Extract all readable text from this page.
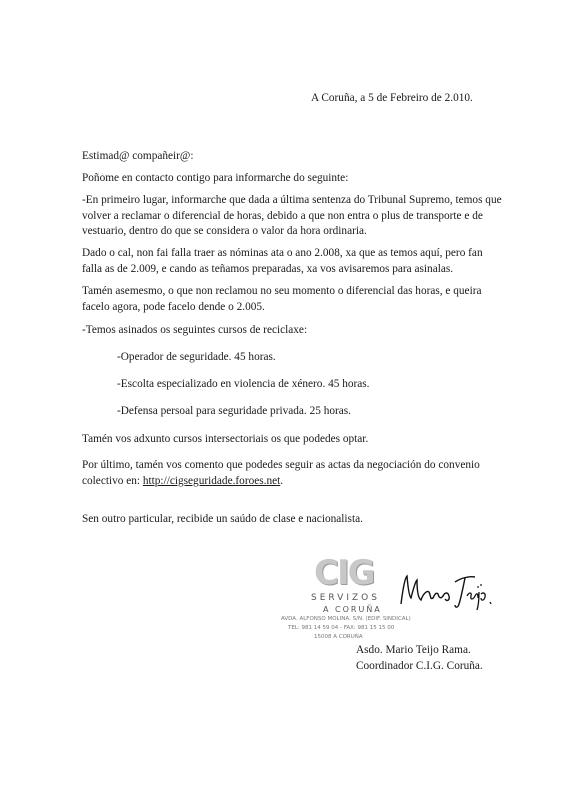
A Coruña, a 5 de Febreiro de 2.010.
Estimad@ compañeir@:
Poñome en contacto contigo para informarche do seguinte:
-En primeiro lugar, informarche que dada a última sentenza do Tribunal Supremo, temos que volver a reclamar o diferencial de horas, debido a que non entra o plus de transporte e de vestuario, dentro do que se considera o valor da hora ordinaria.
Dado o cal, non fai falla traer as nóminas ata o ano 2.008, xa que as temos aquí, pero fan falla as de 2.009, e cando as teñamos preparadas, xa vos avisaremos para asinalas.
Tamén asemesmo, o que non reclamou no seu momento o diferencial das horas, e queira facelo agora, pode facelo dende o 2.005.
-Temos asinados os seguintes cursos de reciclaxe:
-Operador de seguridade. 45 horas.
-Escolta especializado en violencia de xénero. 45 horas.
-Defensa persoal para seguridade privada. 25 horas.
Tamén vos adxunto cursos intersectoriais os que podedes optar.
Por último, tamén vos comento que podedes seguir as actas da negociación do convenio colectivo en: http://cigseguridade.foroes.net.
Sen outro particular, recibide un saúdo de clase e nacionalista.
CIG
SERVIZOS
A CORUÑA
AVDA. ALFONSO MOLINA, S/N. (EDIF. SINDICAL)
TEL: 981 14 59 04 - FAX: 981 15 15 00
15008 A CORUÑA
Asdo. Mario Teijo Rama.
Coordinador C.I.G. Coruña.
